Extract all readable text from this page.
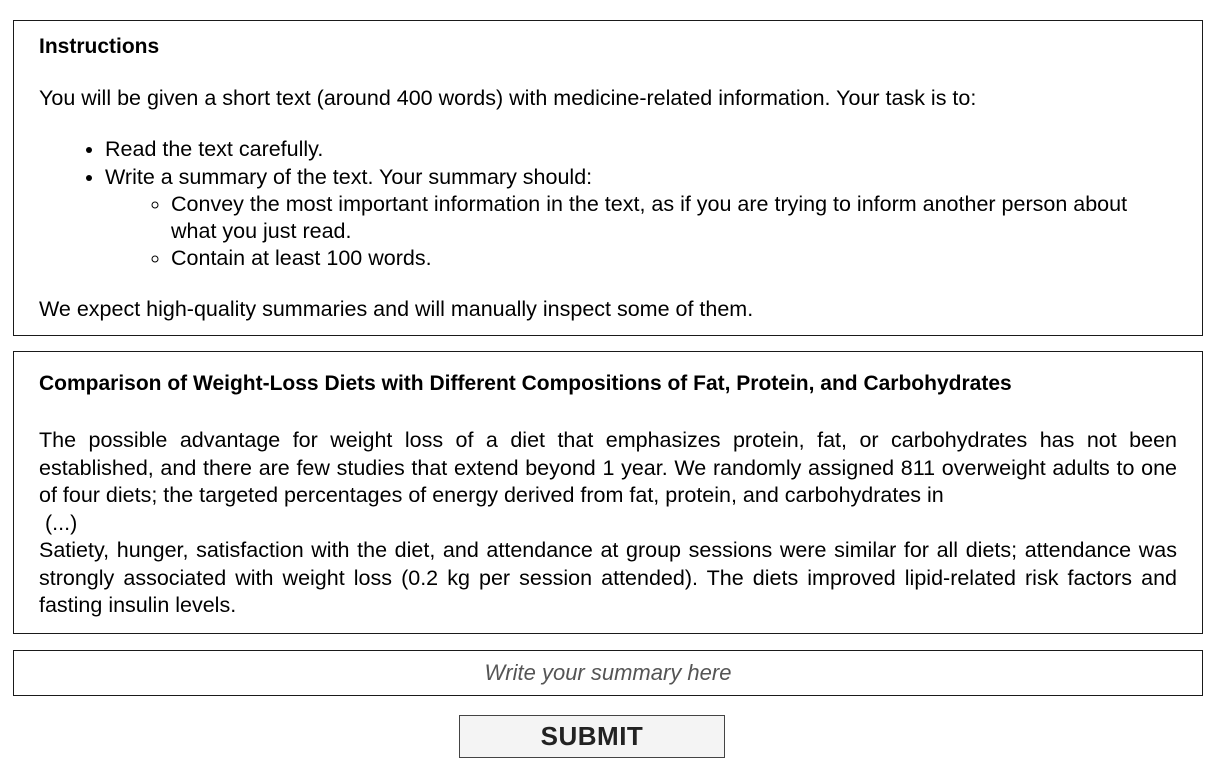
Instructions

You will be given a short text (around 400 words) with medicine-related information. Your task is to:

• Read the text carefully.
• Write a summary of the text. Your summary should:
◦ Convey the most important information in the text, as if you are trying to inform another person about what you just read.
◦ Contain at least 100 words.

We expect high-quality summaries and will manually inspect some of them.

Comparison of Weight-Loss Diets with Different Compositions of Fat, Protein, and Carbohydrates

The possible advantage for weight loss of a diet that emphasizes protein, fat, or carbohydrates has not been established, and there are few studies that extend beyond 1 year. We randomly assigned 811 overweight adults to one of four diets; the targeted percentages of energy derived from fat, protein, and carbohydrates in
(...)
Satiety, hunger, satisfaction with the diet, and attendance at group sessions were similar for all diets; attendance was strongly associated with weight loss (0.2 kg per session attended). The diets improved lipid-related risk factors and fasting insulin levels.
Write your summary here
SUBMIT
